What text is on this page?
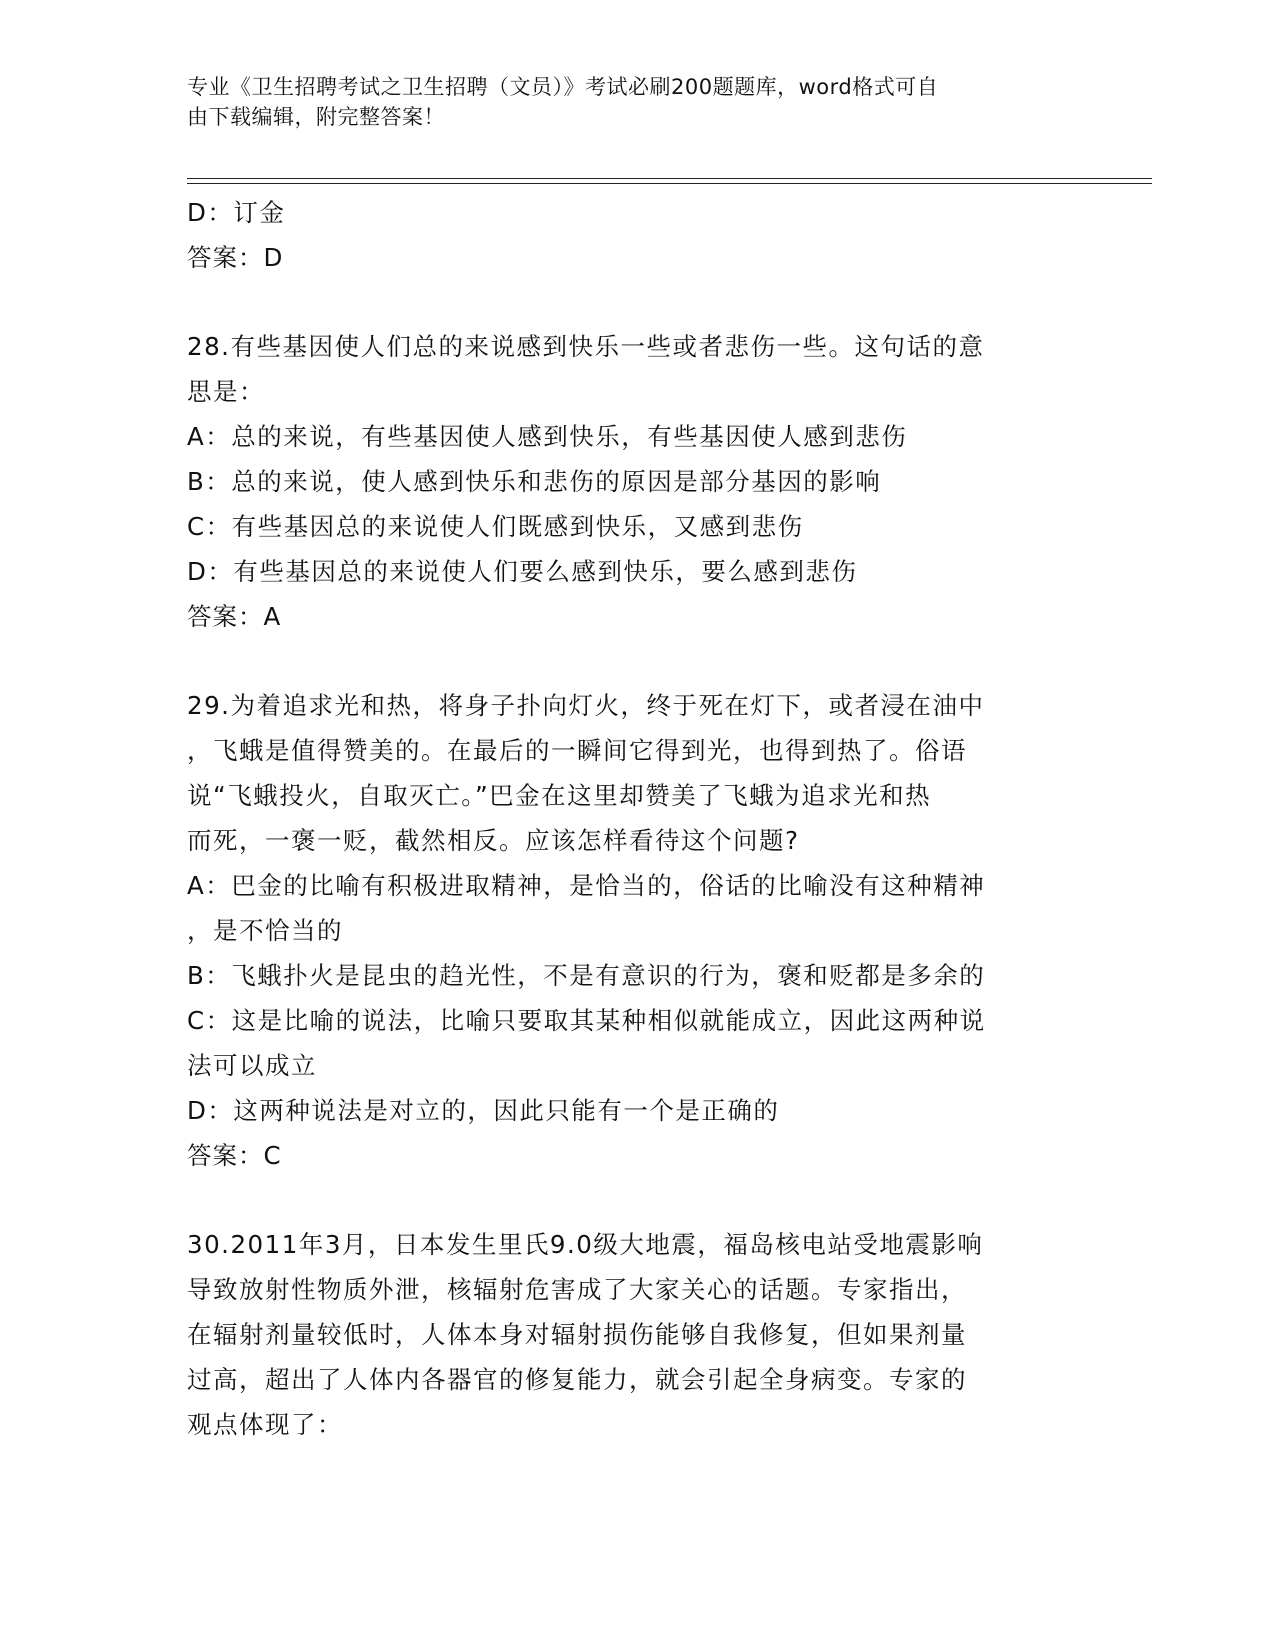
专业《卫生招聘考试之卫生招聘（文员）》考试必刷200题题库，word格式可自
由下载编辑，附完整答案！
D：订金
答案：D
28.有些基因使人们总的来说感到快乐一些或者悲伤一些。这句话的意
思是：
A：总的来说，有些基因使人感到快乐，有些基因使人感到悲伤
B：总的来说，使人感到快乐和悲伤的原因是部分基因的影响
C：有些基因总的来说使人们既感到快乐，又感到悲伤
D：有些基因总的来说使人们要么感到快乐，要么感到悲伤
答案：A
29.为着追求光和热，将身子扑向灯火，终于死在灯下，或者浸在油中
，飞蛾是值得赞美的。在最后的一瞬间它得到光，也得到热了。俗语
说“飞蛾投火，自取灭亡。”巴金在这里却赞美了飞蛾为追求光和热
而死，一褒一贬，截然相反。应该怎样看待这个问题?
A：巴金的比喻有积极进取精神，是恰当的，俗话的比喻没有这种精神
，是不恰当的
B：飞蛾扑火是昆虫的趋光性，不是有意识的行为，褒和贬都是多余的
C：这是比喻的说法，比喻只要取其某种相似就能成立，因此这两种说
法可以成立
D：这两种说法是对立的，因此只能有一个是正确的
答案：C
30.2011年3月，日本发生里氏9.0级大地震，福岛核电站受地震影响
导致放射性物质外泄，核辐射危害成了大家关心的话题。专家指出，
在辐射剂量较低时，人体本身对辐射损伤能够自我修复，但如果剂量
过高，超出了人体内各器官的修复能力，就会引起全身病变。专家的
观点体现了：
